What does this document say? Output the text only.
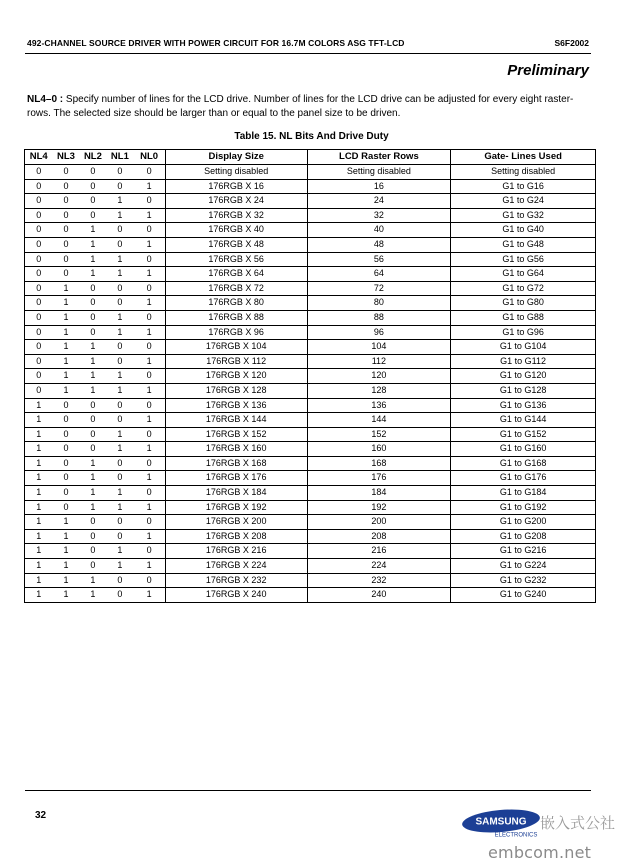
492-CHANNEL SOURCE DRIVER WITH POWER CIRCUIT FOR 16.7M COLORS ASG TFT-LCD	S6F2002
Preliminary
NL4–0 : Specify number of lines for the LCD drive. Number of lines for the LCD drive can be adjusted for every eight raster-rows. The selected size should be larger than or equal to the panel size to be driven.
Table 15. NL Bits And Drive Duty
NL4	NL3	NL2	NL1	NL0	Display Size	LCD Raster Rows	Gate- Lines Used
0	0	0	0	0	Setting disabled	Setting disabled	Setting disabled
0	0	0	0	1	176RGB X 16	16	G1 to G16
0	0	0	1	0	176RGB X 24	24	G1 to G24
0	0	0	1	1	176RGB X 32	32	G1 to G32
0	0	1	0	0	176RGB X 40	40	G1 to G40
0	0	1	0	1	176RGB X 48	48	G1 to G48
0	0	1	1	0	176RGB X 56	56	G1 to G56
0	0	1	1	1	176RGB X 64	64	G1 to G64
0	1	0	0	0	176RGB X 72	72	G1 to G72
0	1	0	0	1	176RGB X 80	80	G1 to G80
0	1	0	1	0	176RGB X 88	88	G1 to G88
0	1	0	1	1	176RGB X 96	96	G1 to G96
0	1	1	0	0	176RGB X 104	104	G1 to G104
0	1	1	0	1	176RGB X 112	112	G1 to G112
0	1	1	1	0	176RGB X 120	120	G1 to G120
0	1	1	1	1	176RGB X 128	128	G1 to G128
1	0	0	0	0	176RGB X 136	136	G1 to G136
1	0	0	0	1	176RGB X 144	144	G1 to G144
1	0	0	1	0	176RGB X 152	152	G1 to G152
1	0	0	1	1	176RGB X 160	160	G1 to G160
1	0	1	0	0	176RGB X 168	168	G1 to G168
1	0	1	0	1	176RGB X 176	176	G1 to G176
1	0	1	1	0	176RGB X 184	184	G1 to G184
1	0	1	1	1	176RGB X 192	192	G1 to G192
1	1	0	0	0	176RGB X 200	200	G1 to G200
1	1	0	0	1	176RGB X 208	208	G1 to G208
1	1	0	1	0	176RGB X 216	216	G1 to G216
1	1	0	1	1	176RGB X 224	224	G1 to G224
1	1	1	0	0	176RGB X 232	232	G1 to G232
1	1	1	0	1	176RGB X 240	240	G1 to G240
32
SAMSUNG
ELECTRONICS
嵌入式公社
embcom.net
